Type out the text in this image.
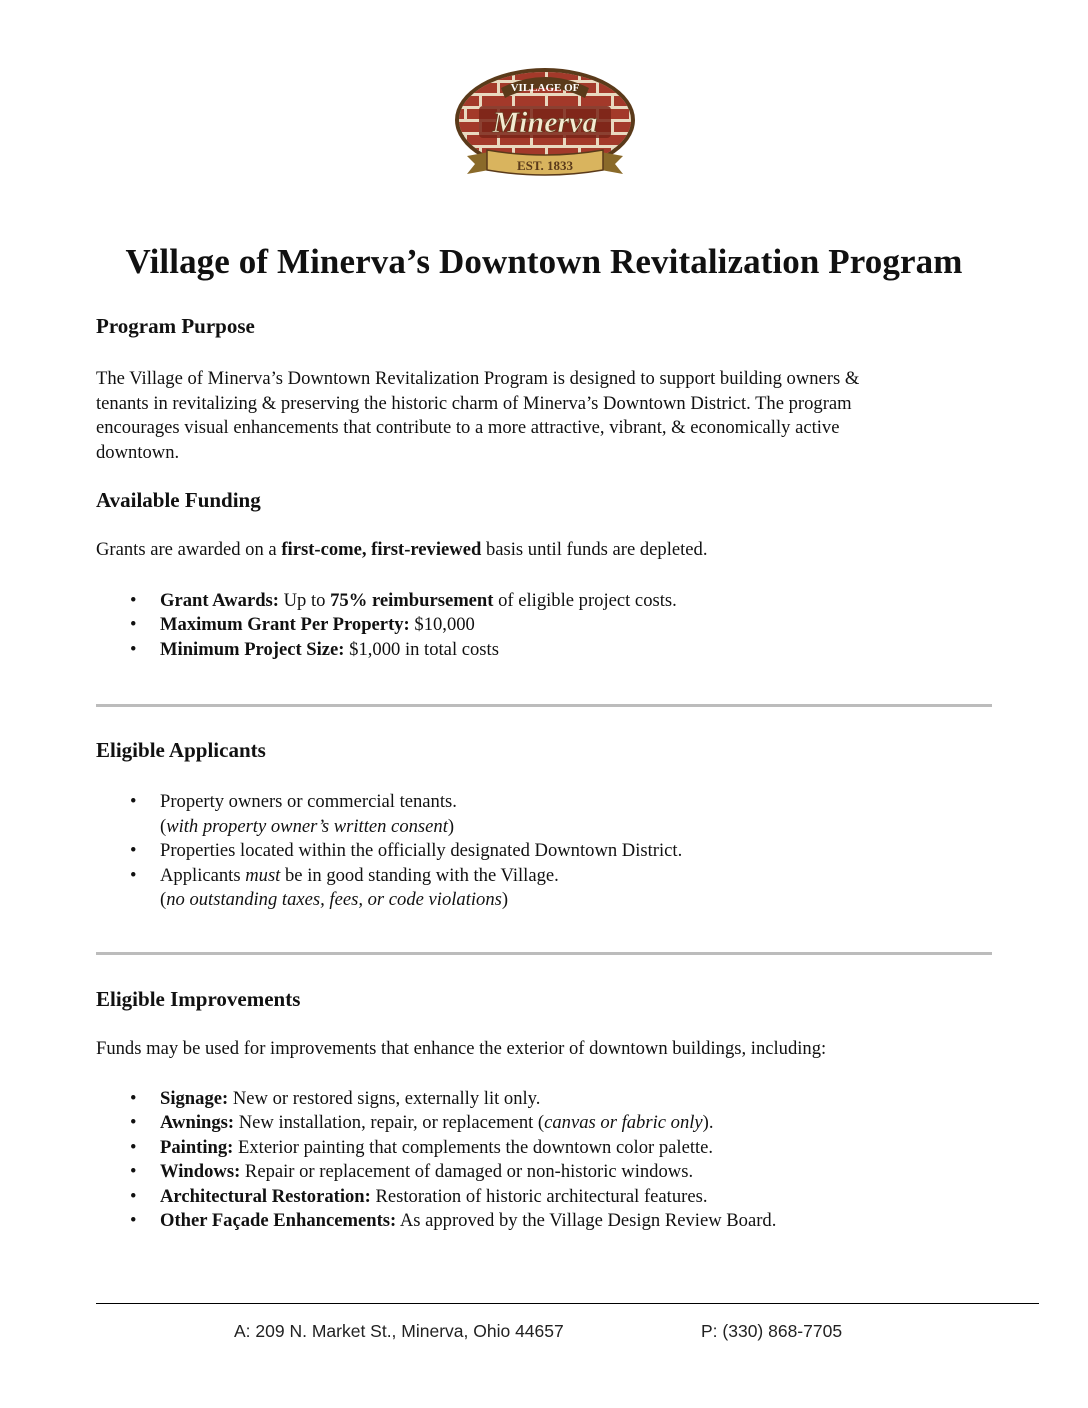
VILLAGE OF
Minerva
EST. 1833
Village of Minerva’s Downtown Revitalization Program
Program Purpose

The Village of Minerva’s Downtown Revitalization Program is designed to support building owners &
tenants in revitalizing & preserving the historic charm of Minerva’s Downtown District. The program
encourages visual enhancements that contribute to a more attractive, vibrant, & economically active
downtown.

Available Funding

Grants are awarded on a first-come, first-reviewed basis until funds are depleted.

• Grant Awards: Up to 75% reimbursement of eligible project costs.
• Maximum Grant Per Property: $10,000
• Minimum Project Size: $1,000 in total costs
Eligible Applicants
• Property owners or commercial tenants.
(with property owner’s written consent)
• Properties located within the officially designated Downtown District.
• Applicants must be in good standing with the Village.
(no outstanding taxes, fees, or code violations)
Eligible Improvements

Funds may be used for improvements that enhance the exterior of downtown buildings, including:

• Signage: New or restored signs, externally lit only.
• Awnings: New installation, repair, or replacement (canvas or fabric only).
• Painting: Exterior painting that complements the downtown color palette.
• Windows: Repair or replacement of damaged or non-historic windows.
• Architectural Restoration: Restoration of historic architectural features.
• Other Façade Enhancements: As approved by the Village Design Review Board.
A: 209 N. Market St., Minerva, Ohio 44657	P: (330) 868-7705
